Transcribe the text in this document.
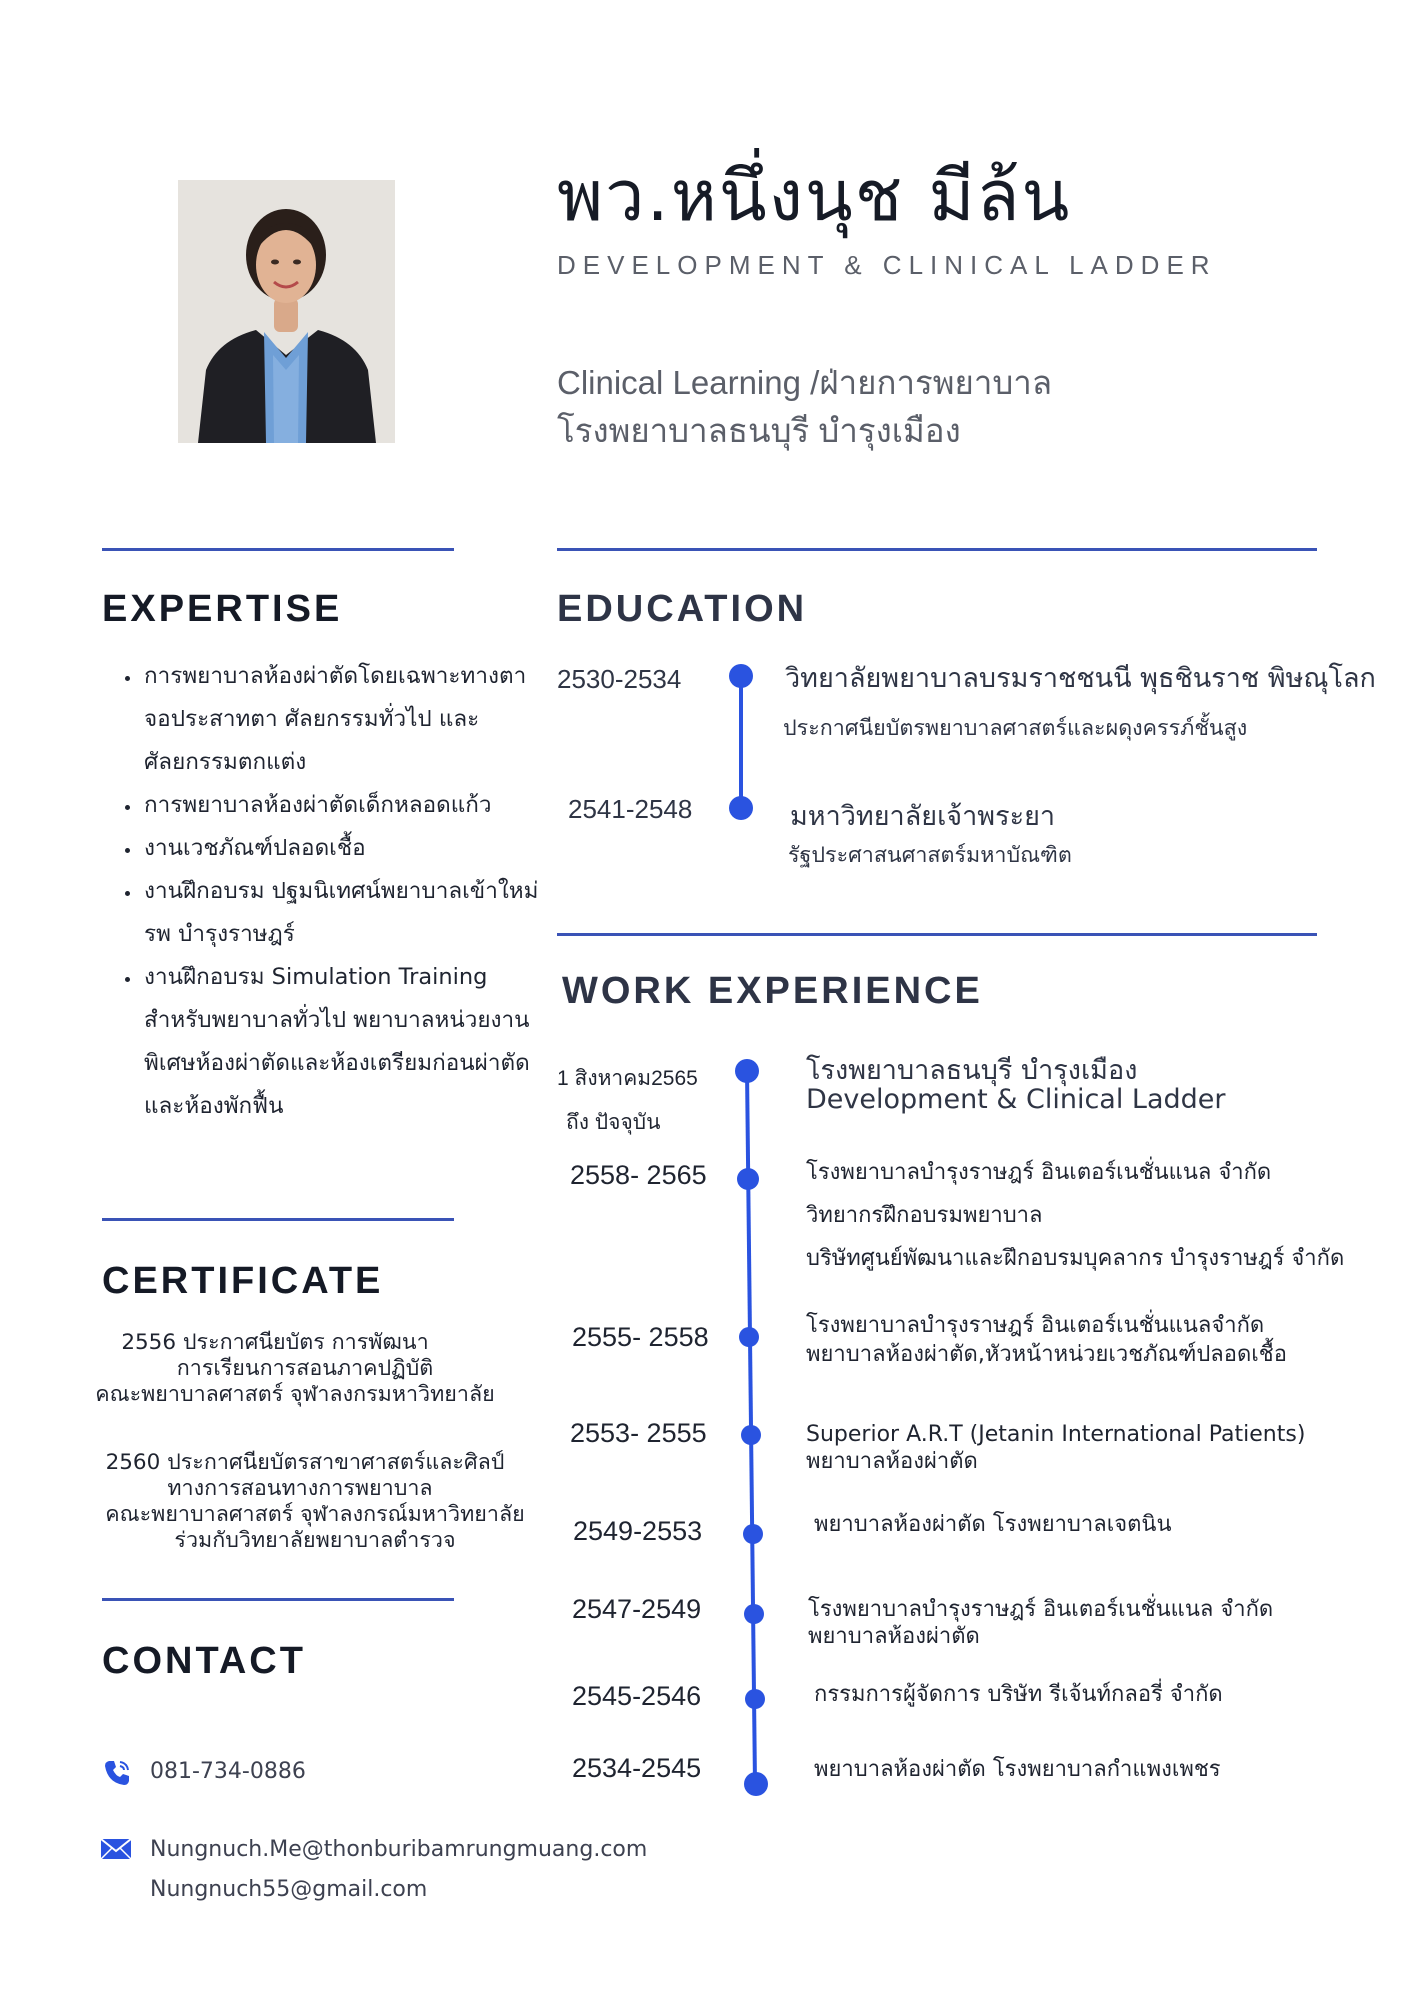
พว.หนึ่งนุช มีล้น
DEVELOPMENT & CLINICAL LADDER
Clinical Learning /ฝ่ายการพยาบาล
โรงพยาบาลธนบุรี บำรุงเมือง
EXPERTISE
• การพยาบาลห้องผ่าตัดโดยเฉพาะทางตา จอประสาทตา ศัลยกรรมทั่วไป และศัลยกรรมตกแต่ง
• การพยาบาลห้องผ่าตัดเด็กหลอดแก้ว
• งานเวชภัณฑ์ปลอดเชื้อ
• งานฝึกอบรม ปฐมนิเทศน์พยาบาลเข้าใหม่ รพ บำรุงราษฎร์
• งานฝึกอบรม Simulation Training สำหรับพยาบาลทั่วไป พยาบาลหน่วยงานพิเศษห้องผ่าตัดและห้องเตรียมก่อนผ่าตัดและห้องพักฟื้น
CERTIFICATE
2556 ประกาศนียบัตร การพัฒนา
การเรียนการสอนภาคปฏิบัติ
คณะพยาบาลศาสตร์ จุฬาลงกรมหาวิทยาลัย
2560 ประกาศนียบัตรสาขาศาสตร์และศิลป์
ทางการสอนทางการพยาบาล
คณะพยาบาลศาสตร์ จุฬาลงกรณ์มหาวิทยาลัย
ร่วมกับวิทยาลัยพยาบาลตำรวจ
CONTACT
081-734-0886
Nungnuch.Me@thonburibamrungmuang.com
Nungnuch55@gmail.com
EDUCATION
2530-2534	วิทยาลัยพยาบาลบรมราชชนนี พุธชินราช พิษณุโลก
ประกาศนียบัตรพยาบาลศาสตร์และผดุงครรภ์ชั้นสูง
2541-2548	มหาวิทยาลัยเจ้าพระยา
รัฐประศาสนศาสตร์มหาบัณฑิต
WORK EXPERIENCE
1 สิงหาคม2565
ถึง ปัจจุบัน
โรงพยาบาลธนบุรี บำรุงเมือง
Development & Clinical Ladder
2558- 2565	โรงพยาบาลบำรุงราษฎร์ อินเตอร์เนชั่นแนล จำกัด
วิทยากรฝึกอบรมพยาบาล
บริษัทศูนย์พัฒนาและฝึกอบรมบุคลากร บำรุงราษฎร์ จำกัด
2555- 2558	โรงพยาบาลบำรุงราษฎร์ อินเตอร์เนชั่นแนลจำกัด
พยาบาลห้องผ่าตัด,หัวหน้าหน่วยเวชภัณฑ์ปลอดเชื้อ
2553- 2555	Superior A.R.T (Jetanin International Patients)
พยาบาลห้องผ่าตัด
2549-2553	พยาบาลห้องผ่าตัด โรงพยาบาลเจตนิน
2547-2549	โรงพยาบาลบำรุงราษฎร์ อินเตอร์เนชั่นแนล จำกัด
พยาบาลห้องผ่าตัด
2545-2546	กรรมการผู้จัดการ บริษัท รีเจ้นท์กลอรี่ จำกัด
2534-2545	พยาบาลห้องผ่าตัด โรงพยาบาลกำแพงเพชร
